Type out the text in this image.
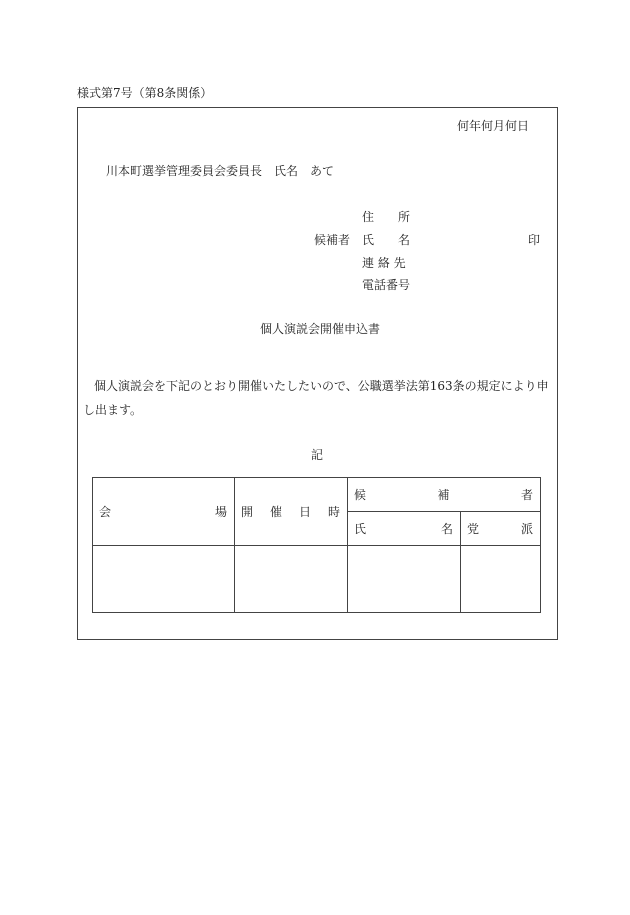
様式第7号（第8条関係）
何年何月何日
川本町選挙管理委員会委員長　氏名　あて
住　　所
候補者 氏　　名	印
連 絡 先
電話番号
個人演説会開催申込書
個人演説会を下記のとおり開催いたしたいので、公職選挙法第163条の規定により申し出ます。
記
会 場	開 催 日 時	候 補 者	

		氏 名	党 派
